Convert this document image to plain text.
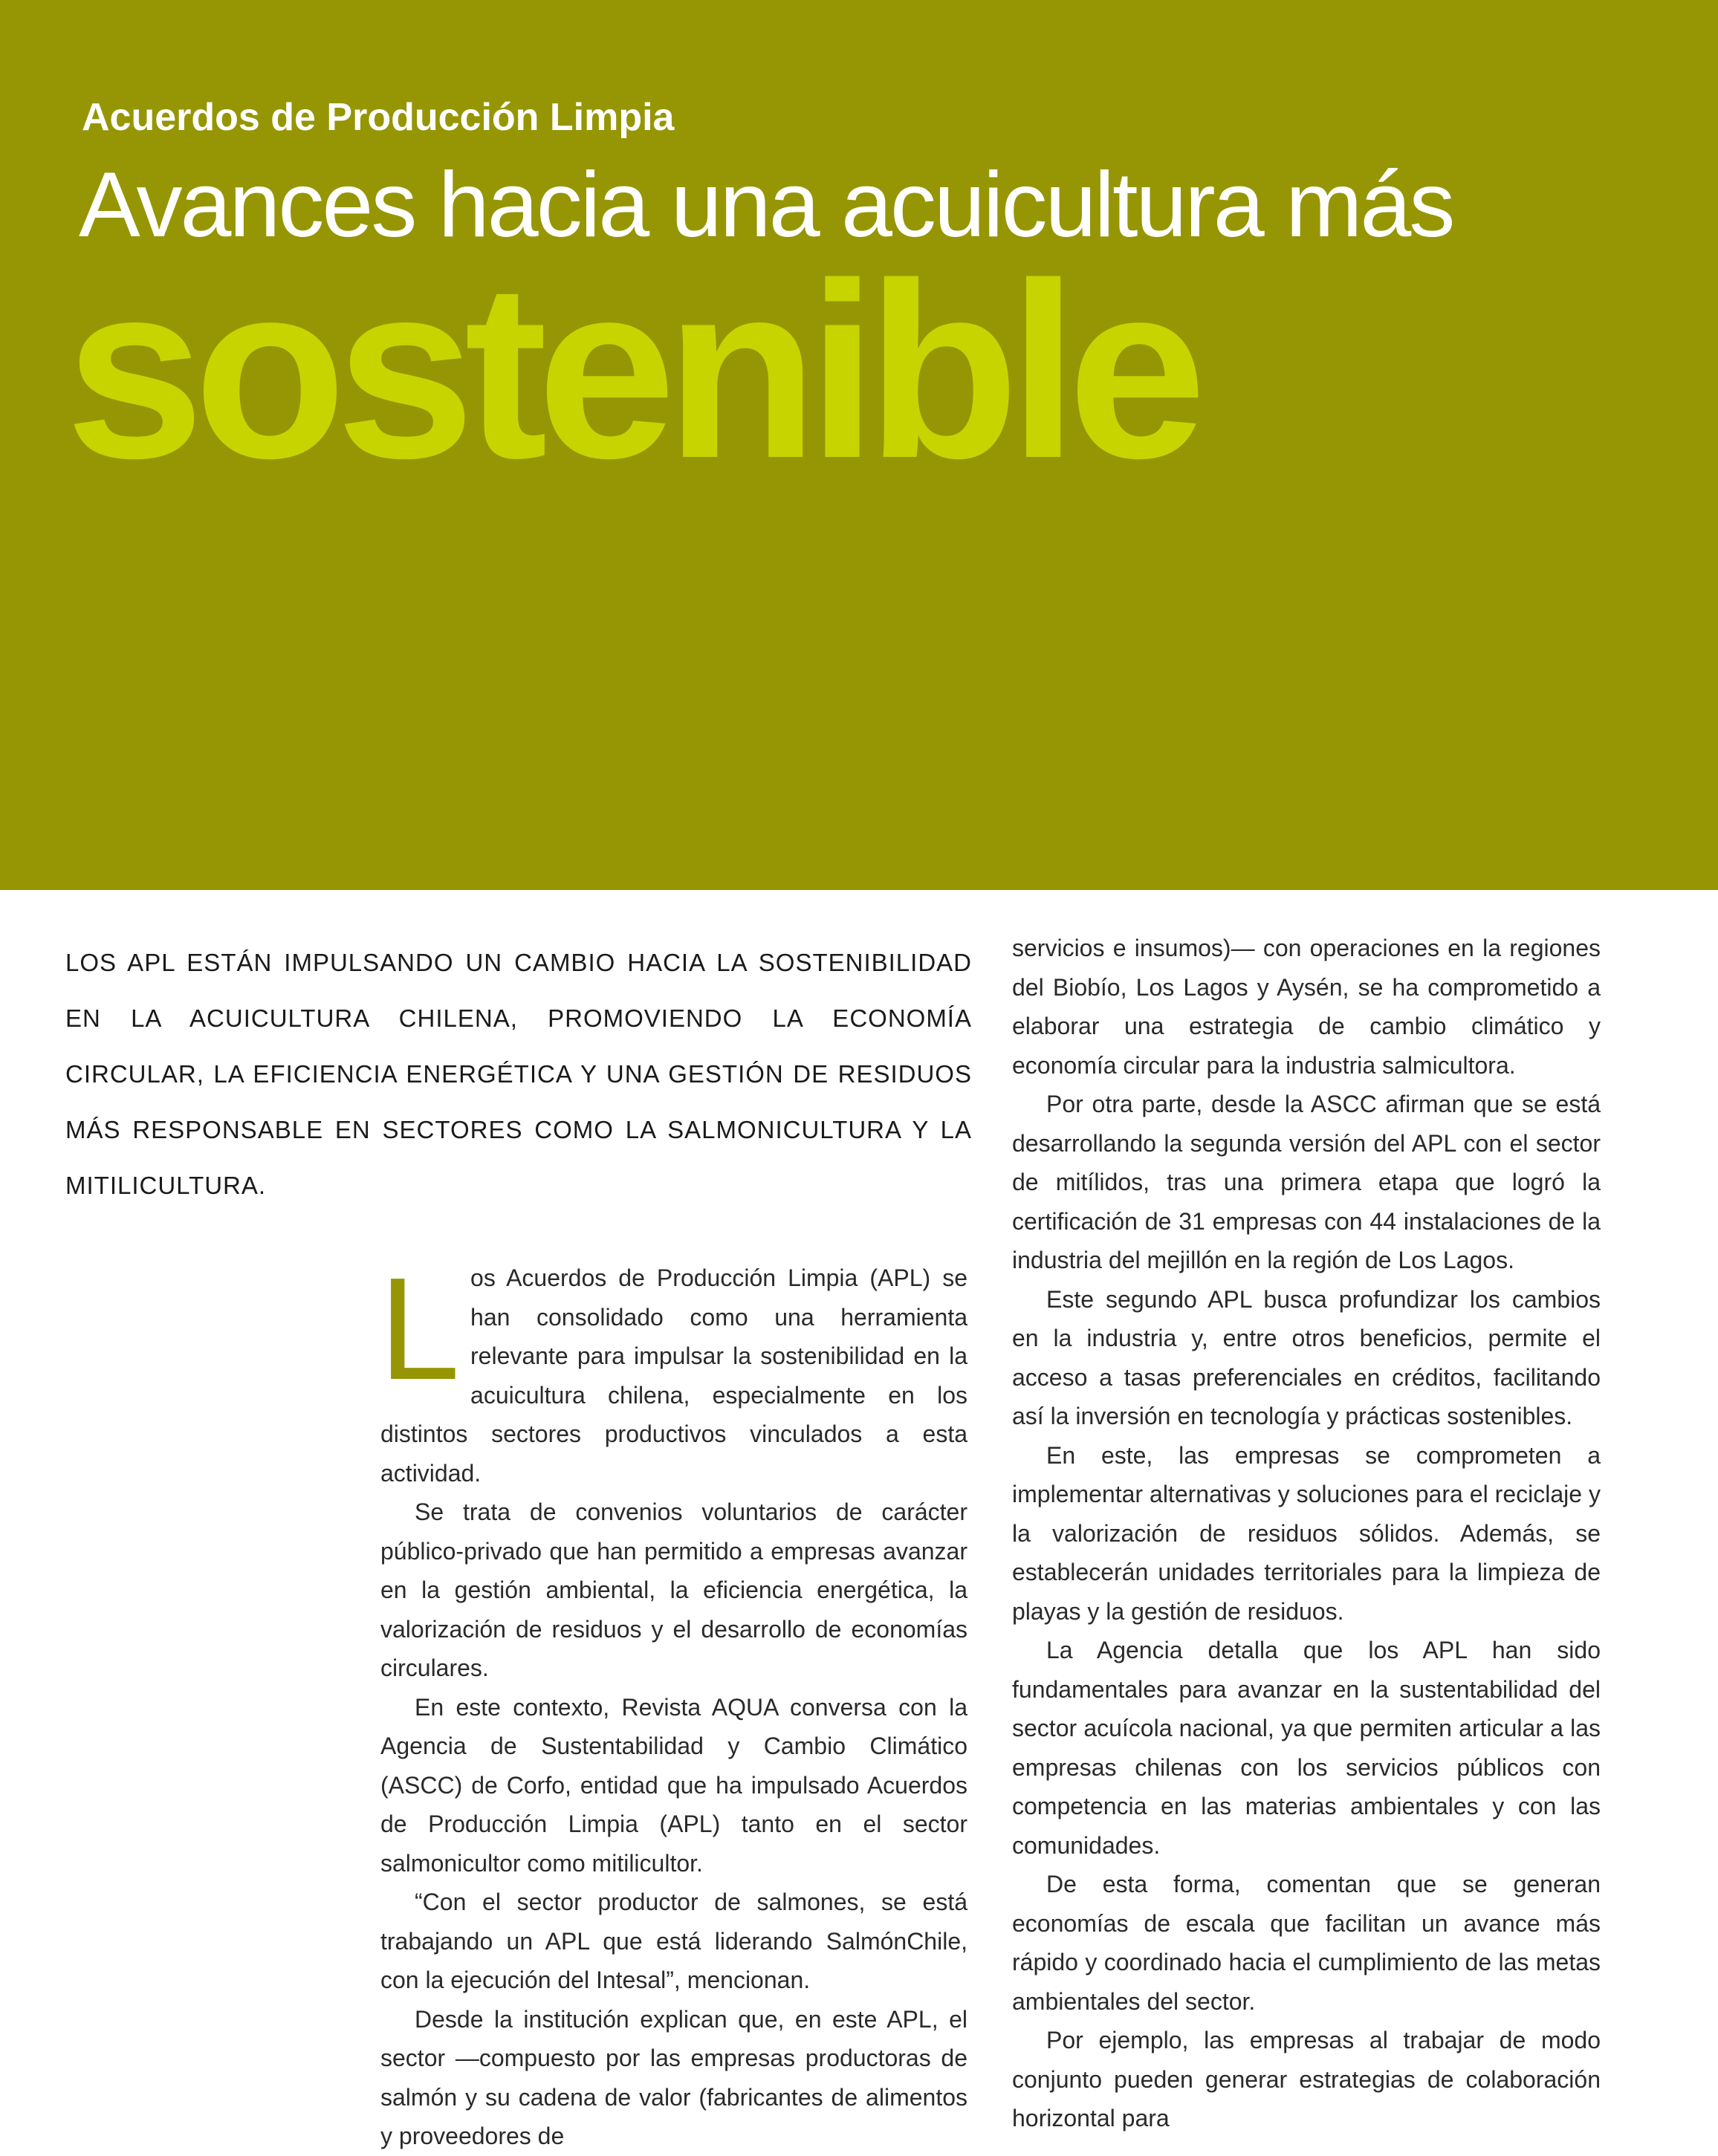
Acuerdos de Producción Limpia
Avances hacia una acuicultura más
sostenible
LOS APL ESTÁN IMPULSANDO UN CAMBIO HACIA LA SOSTENIBILIDAD EN LA ACUICULTURA CHILENA, PROMOVIENDO LA ECONOMÍA CIRCULAR, LA EFICIENCIA ENERGÉTICA Y UNA GESTIÓN DE RESIDUOS MÁS RESPONSABLE EN SECTORES COMO LA SALMONICULTURA Y LA MITILICULTURA.
L os Acuerdos de Producción Limpia (APL) se han consolidado como una herramienta relevante para impulsar la sostenibilidad en la acuicultura chilena, especialmente en los distintos sectores productivos vinculados a esta actividad.

Se trata de convenios voluntarios de carácter público-privado que han permitido a empresas avanzar en la gestión ambiental, la eficiencia energética, la valorización de residuos y el desarrollo de economías circulares.

En este contexto, Revista AQUA conversa con la Agencia de Sustentabilidad y Cambio Climático (ASCC) de Corfo, entidad que ha impulsado Acuerdos de Producción Limpia (APL) tanto en el sector salmonicultor como mitilicultor.

“Con el sector productor de salmones, se está trabajando un APL que está liderando SalmónChile, con la ejecución del Intesal”, mencionan.

Desde la institución explican que, en este APL, el sector —compuesto por las empresas productoras de salmón y su cadena de valor (fabricantes de alimentos y proveedores de

servicios e insumos)— con operaciones en la regiones del Biobío, Los Lagos y Aysén, se ha comprometido a elaborar una estrategia de cambio climático y economía circular para la industria salmicultora.

Por otra parte, desde la ASCC afirman que se está desarrollando la segunda versión del APL con el sector de mitílidos, tras una primera etapa que logró la certificación de 31 empresas con 44 instalaciones de la industria del mejillón en la región de Los Lagos.

Este segundo APL busca profundizar los cambios en la industria y, entre otros beneficios, permite el acceso a tasas preferenciales en créditos, facilitando así la inversión en tecnología y prácticas sostenibles.

En este, las empresas se comprometen a implementar alternativas y soluciones para el reciclaje y la valorización de residuos sólidos. Además, se establecerán unidades territoriales para la limpieza de playas y la gestión de residuos.

La Agencia detalla que los APL han sido fundamentales para avanzar en la sustentabilidad del sector acuícola nacional, ya que permiten articular a las empresas chilenas con los servicios públicos con competencia en las materias ambientales y con las comunidades.

De esta forma, comentan que se generan economías de escala que facilitan un avance más rápido y coordinado hacia el cumplimiento de las metas ambientales del sector.

Por ejemplo, las empresas al trabajar de modo conjunto pueden generar estrategias de colaboración horizontal para
